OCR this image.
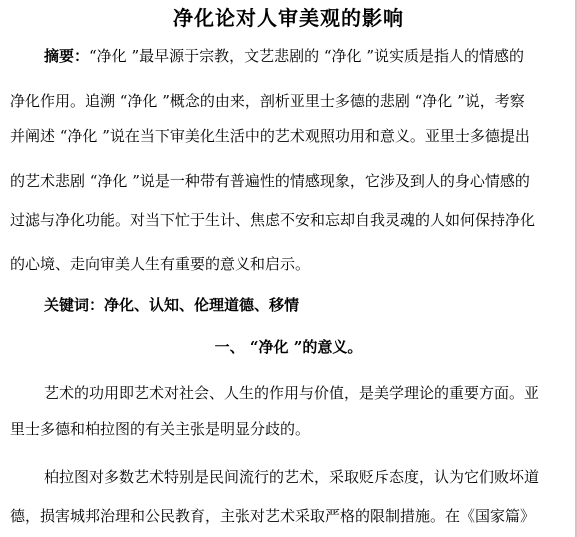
净化论对人审美观的影响
摘要：“净化 ”最早源于宗教，文艺悲剧的 “净化 ”说实质是指人的情感的
净化作用。追溯 “净化 ”概念的由来，剖析亚里士多德的悲剧 “净化 ”说，考察
并阐述 “净化 ”说在当下审美化生活中的艺术观照功用和意义。亚里士多德提出
的艺术悲剧 “净化 ”说是一种带有普遍性的情感现象，它涉及到人的身心情感的
过滤与净化功能。对当下忙于生计、焦虑不安和忘却自我灵魂的人如何保持净化
的心境、走向审美人生有重要的意义和启示。
关键词：净化、认知、伦理道德、移情
一、 “净化 ”的意义。
艺术的功用即艺术对社会、人生的作用与价值，是美学理论的重要方面。亚
里士多德和柏拉图的有关主张是明显分歧的。
柏拉图对多数艺术特别是民间流行的艺术，采取贬斥态度，认为它们败坏道
德，损害城邦治理和公民教育，主张对艺术采取严格的限制措施。在《国家篇》
